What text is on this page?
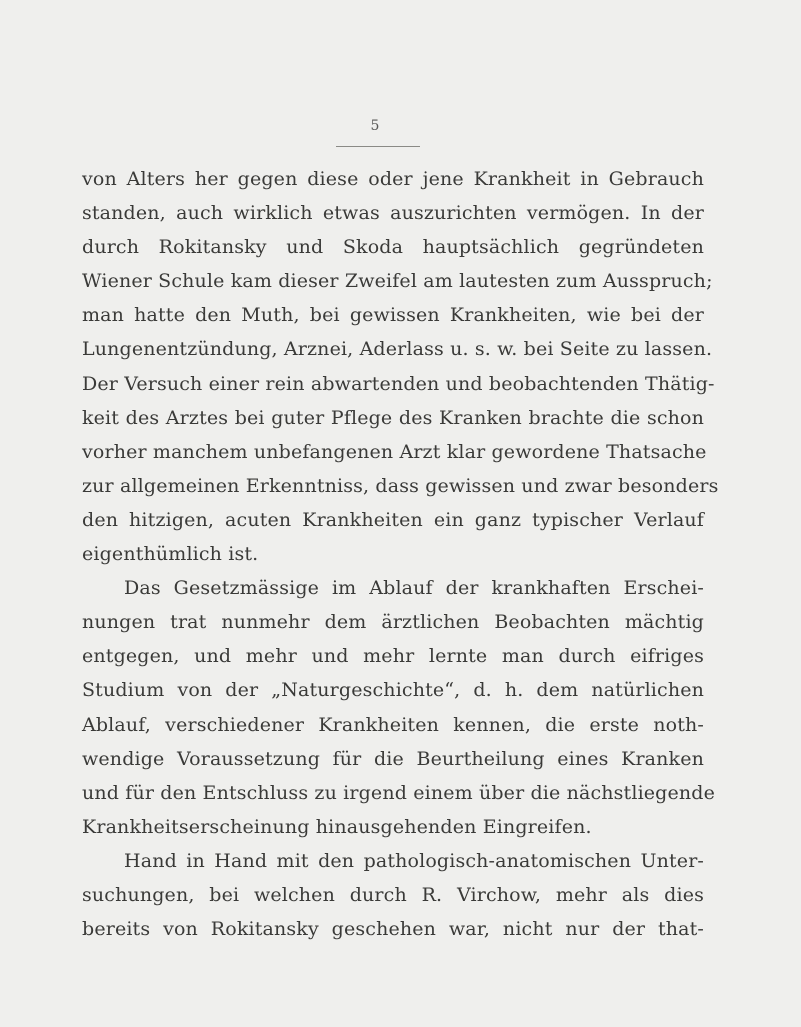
5
von Alters her gegen diese oder jene Krankheit in Gebrauch
standen, auch wirklich etwas auszurichten vermögen. In der
durch Rokitansky und Skoda hauptsächlich gegründeten
Wiener Schule kam dieser Zweifel am lautesten zum Ausspruch;
man hatte den Muth, bei gewissen Krankheiten, wie bei der
Lungenentzündung, Arznei, Aderlass u. s. w. bei Seite zu lassen.
Der Versuch einer rein abwartenden und beobachtenden Thätig-
keit des Arztes bei guter Pflege des Kranken brachte die schon
vorher manchem unbefangenen Arzt klar gewordene Thatsache
zur allgemeinen Erkenntniss, dass gewissen und zwar besonders
den hitzigen, acuten Krankheiten ein ganz typischer Verlauf
eigenthümlich ist.
Das Gesetzmässige im Ablauf der krankhaften Erschei-
nungen trat nunmehr dem ärztlichen Beobachten mächtig
entgegen, und mehr und mehr lernte man durch eifriges
Studium von der „Naturgeschichte“, d. h. dem natürlichen
Ablauf, verschiedener Krankheiten kennen, die erste noth-
wendige Voraussetzung für die Beurtheilung eines Kranken
und für den Entschluss zu irgend einem über die nächstliegende
Krankheitserscheinung hinausgehenden Eingreifen.
Hand in Hand mit den pathologisch-anatomischen Unter-
suchungen, bei welchen durch R. Virchow, mehr als dies
bereits von Rokitansky geschehen war, nicht nur der that-
